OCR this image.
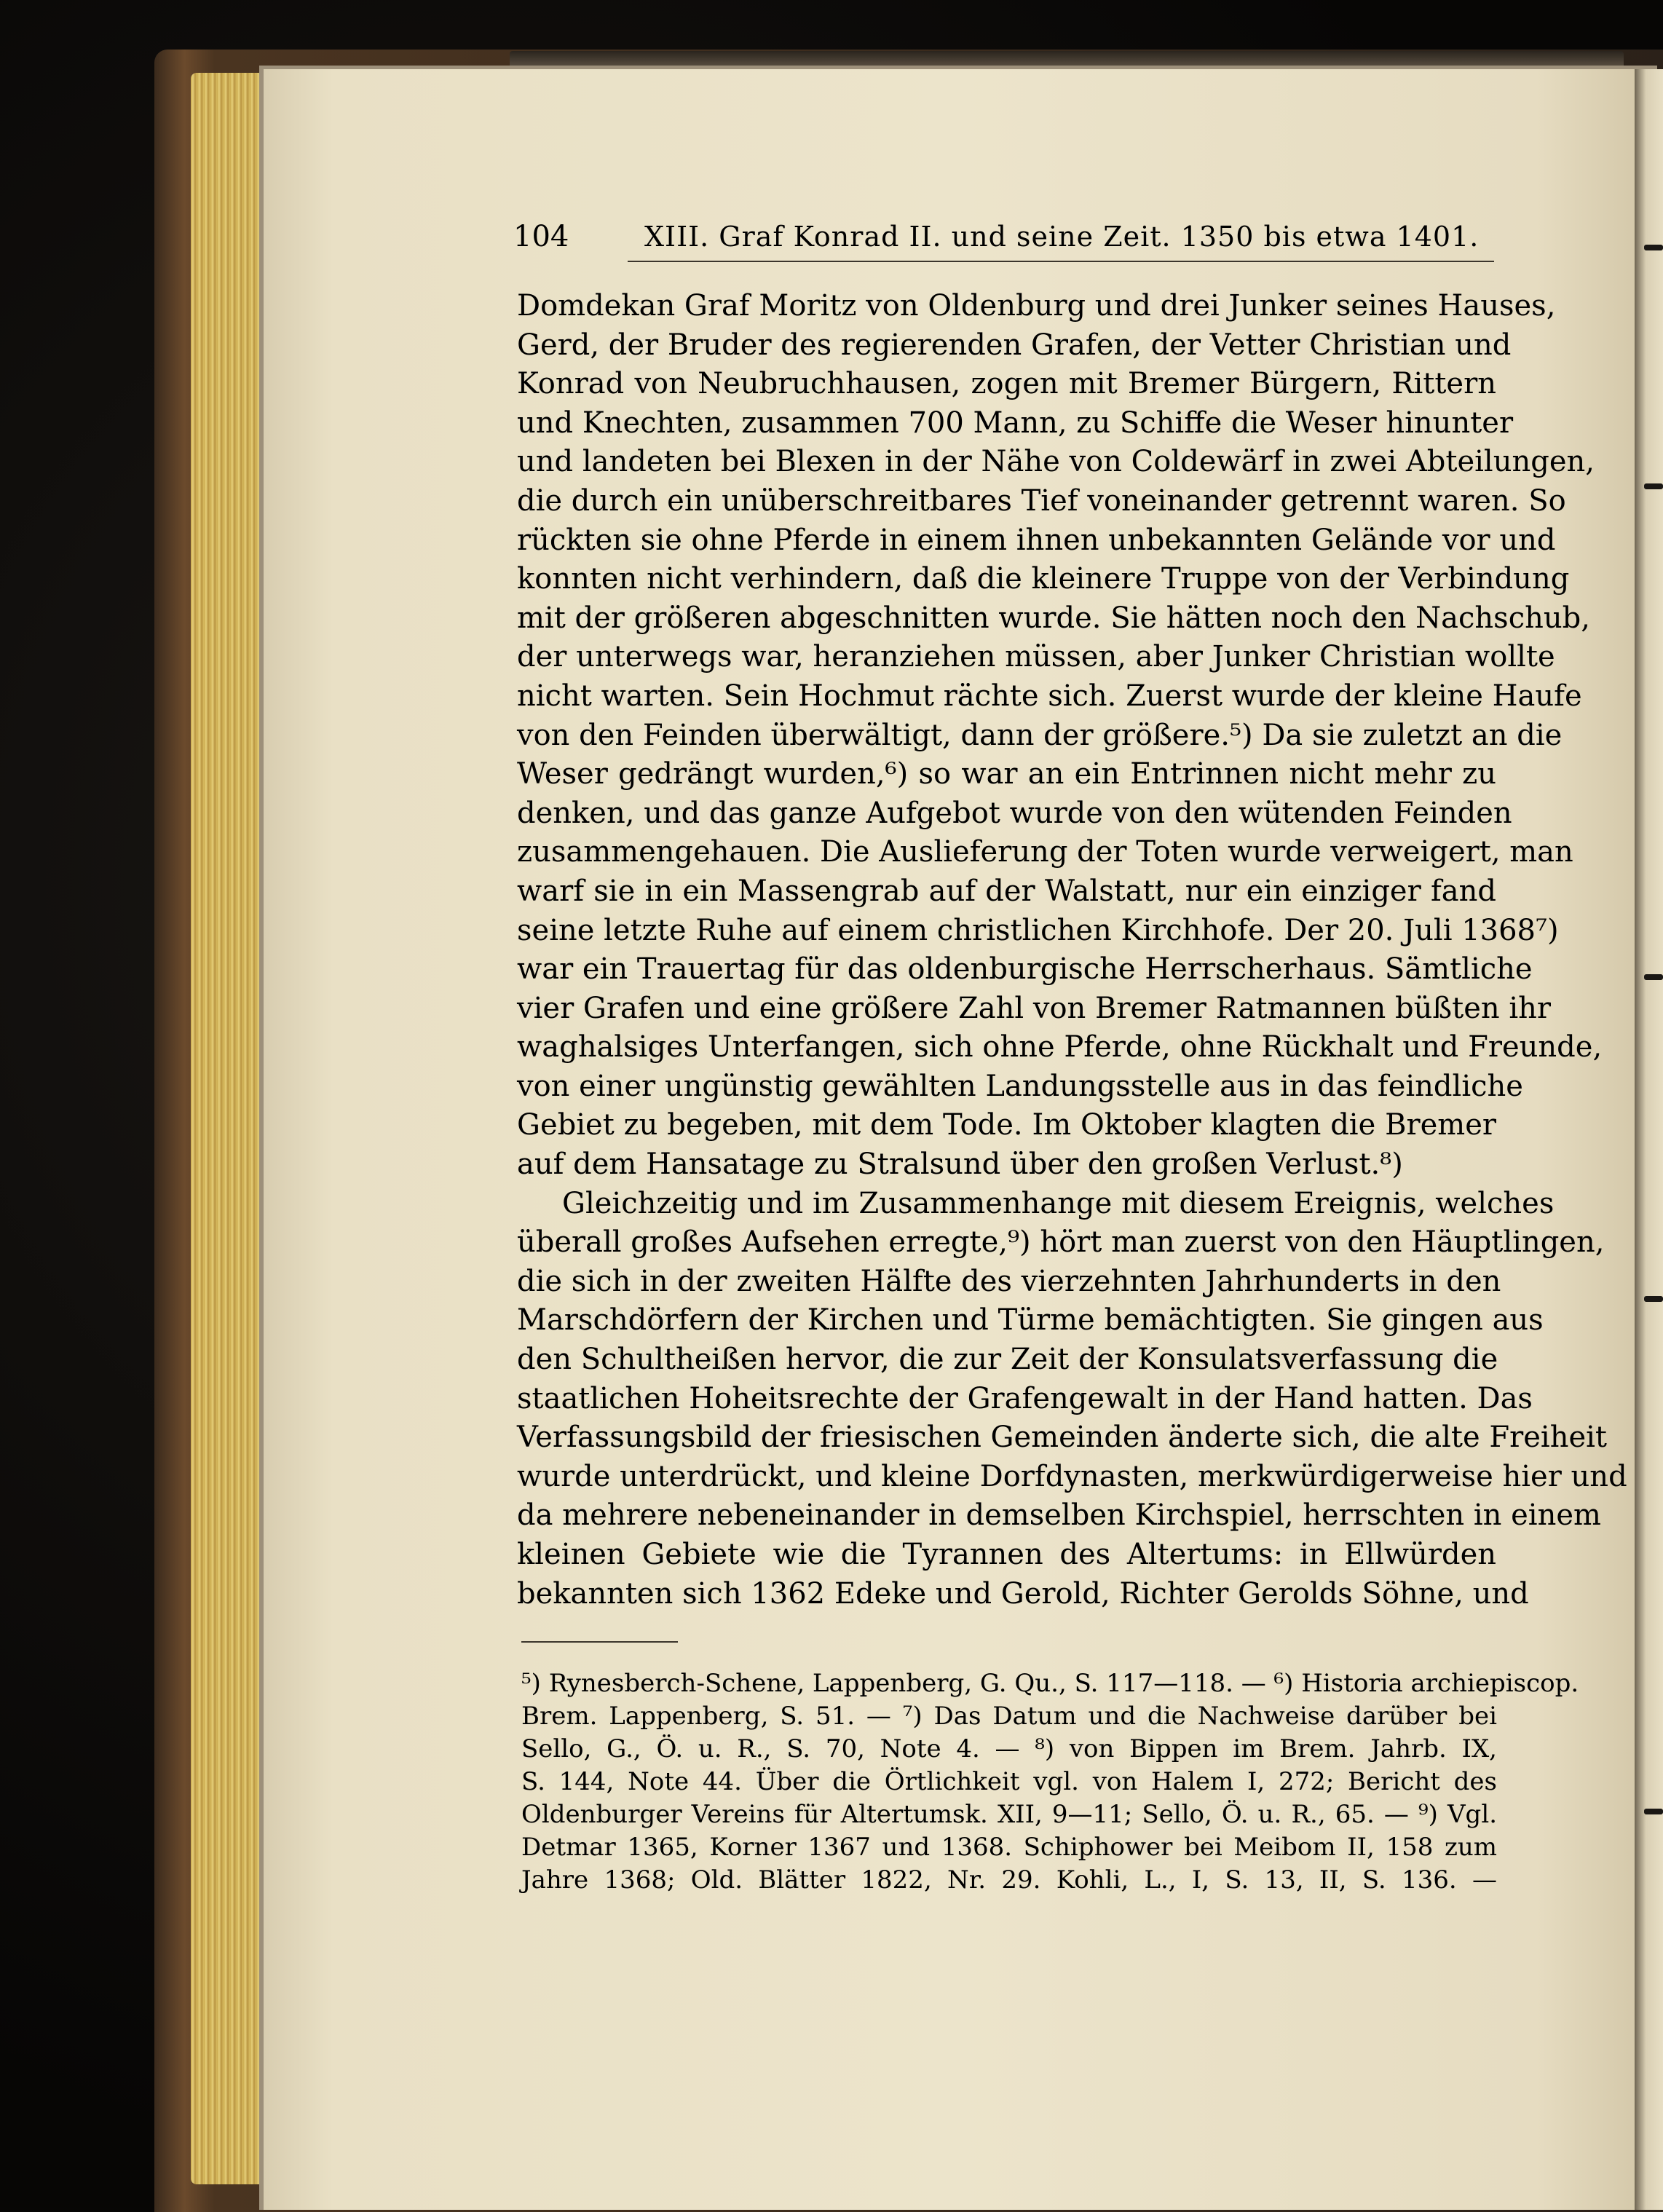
104	XIII. Graf Konrad II. und seine Zeit. 1350 bis etwa 1401.
Domdekan Graf Moritz von Oldenburg und drei Junker seines Hauses,
Gerd, der Bruder des regierenden Grafen, der Vetter Christian und
Konrad von Neubruchhausen, zogen mit Bremer Bürgern, Rittern
und Knechten, zusammen 700 Mann, zu Schiffe die Weser hinunter
und landeten bei Blexen in der Nähe von Coldewärf in zwei Abteilungen,
die durch ein unüberschreitbares Tief voneinander getrennt waren. So
rückten sie ohne Pferde in einem ihnen unbekannten Gelände vor und
konnten nicht verhindern, daß die kleinere Truppe von der Verbindung
mit der größeren abgeschnitten wurde. Sie hätten noch den Nachschub,
der unterwegs war, heranziehen müssen, aber Junker Christian wollte
nicht warten. Sein Hochmut rächte sich. Zuerst wurde der kleine Haufe
von den Feinden überwältigt, dann der größere.⁵) Da sie zuletzt an die
Weser gedrängt wurden,⁶) so war an ein Entrinnen nicht mehr zu
denken, und das ganze Aufgebot wurde von den wütenden Feinden
zusammengehauen. Die Auslieferung der Toten wurde verweigert, man
warf sie in ein Massengrab auf der Walstatt, nur ein einziger fand
seine letzte Ruhe auf einem christlichen Kirchhofe. Der 20. Juli 1368⁷)
war ein Trauertag für das oldenburgische Herrscherhaus. Sämtliche
vier Grafen und eine größere Zahl von Bremer Ratmannen büßten ihr
waghalsiges Unterfangen, sich ohne Pferde, ohne Rückhalt und Freunde,
von einer ungünstig gewählten Landungsstelle aus in das feindliche
Gebiet zu begeben, mit dem Tode. Im Oktober klagten die Bremer
auf dem Hansatage zu Stralsund über den großen Verlust.⁸)
Gleichzeitig und im Zusammenhange mit diesem Ereignis, welches
überall großes Aufsehen erregte,⁹) hört man zuerst von den Häuptlingen,
die sich in der zweiten Hälfte des vierzehnten Jahrhunderts in den
Marschdörfern der Kirchen und Türme bemächtigten. Sie gingen aus
den Schultheißen hervor, die zur Zeit der Konsulatsverfassung die
staatlichen Hoheitsrechte der Grafengewalt in der Hand hatten. Das
Verfassungsbild der friesischen Gemeinden änderte sich, die alte Freiheit
wurde unterdrückt, und kleine Dorfdynasten, merkwürdigerweise hier und
da mehrere nebeneinander in demselben Kirchspiel, herrschten in einem
kleinen Gebiete wie die Tyrannen des Altertums: in Ellwürden
bekannten sich 1362 Edeke und Gerold, Richter Gerolds Söhne, und
⁵) Rynesberch-Schene, Lappenberg, G. Qu., S. 117—118. — ⁶) Historia archiepiscop.
Brem. Lappenberg, S. 51. — ⁷) Das Datum und die Nachweise darüber bei
Sello, G., Ö. u. R., S. 70, Note 4. — ⁸) von Bippen im Brem. Jahrb. IX,
S. 144, Note 44. Über die Örtlichkeit vgl. von Halem I, 272; Bericht des
Oldenburger Vereins für Altertumsk. XII, 9—11; Sello, Ö. u. R., 65. — ⁹) Vgl.
Detmar 1365, Korner 1367 und 1368. Schiphower bei Meibom II, 158 zum
Jahre 1368; Old. Blätter 1822, Nr. 29. Kohli, L., I, S. 13, II, S. 136. —
